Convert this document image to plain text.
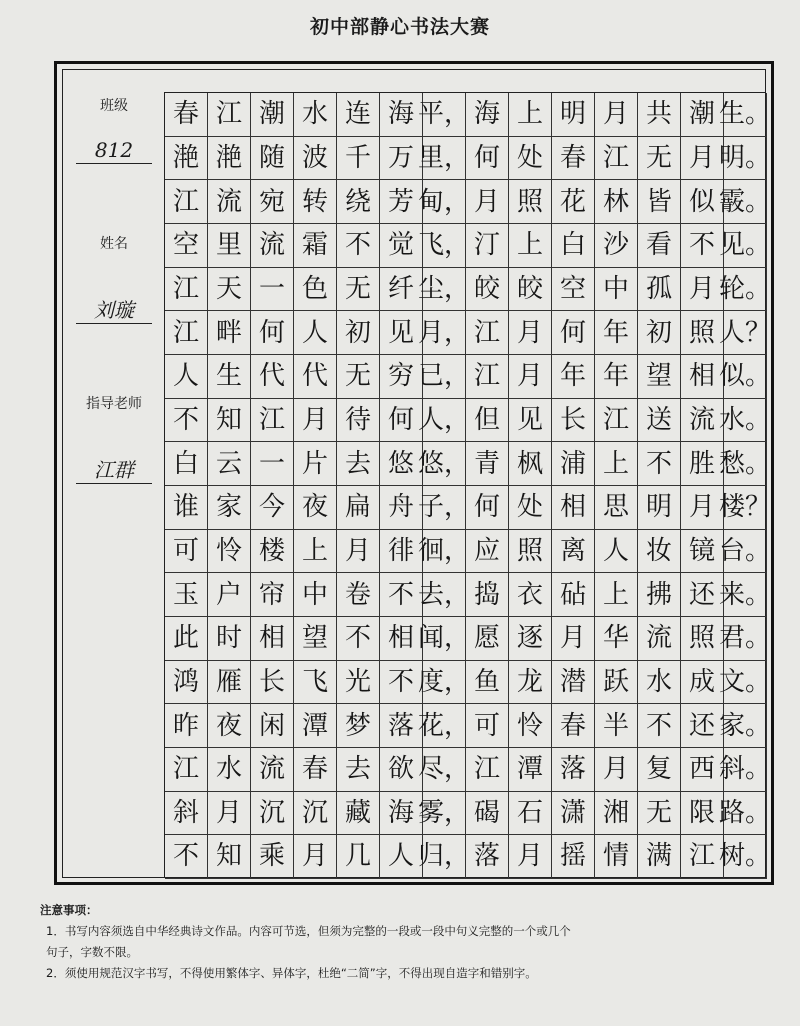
初中部静心书法大赛
班级
812
姓名
刘璇
指导老师
江群
春 江 潮 水 连 海 平， 海 上 明 月 共 潮 生。
滟 滟 随 波 千 万 里， 何 处 春 江 无 月 明。
江 流 宛 转 绕 芳 甸， 月 照 花 林 皆 似 霰。
空 里 流 霜 不 觉 飞， 汀 上 白 沙 看 不 见。
江 天 一 色 无 纤 尘， 皎 皎 空 中 孤 月 轮。
江 畔 何 人 初 见 月， 江 月 何 年 初 照 人？
人 生 代 代 无 穷 已， 江 月 年 年 望 相 似。
不 知 江 月 待 何 人， 但 见 长 江 送 流 水。
白 云 一 片 去 悠 悠， 青 枫 浦 上 不 胜 愁。
谁 家 今 夜 扁 舟 子， 何 处 相 思 明 月 楼？
可 怜 楼 上 月 徘 徊， 应 照 离 人 妆 镜 台。
玉 户 帘 中 卷 不 去， 捣 衣 砧 上 拂 还 来。
此 时 相 望 不 相 闻， 愿 逐 月 华 流 照 君。
鸿 雁 长 飞 光 不 度， 鱼 龙 潜 跃 水 成 文。
昨 夜 闲 潭 梦 落 花， 可 怜 春 半 不 还 家。
江 水 流 春 去 欲 尽， 江 潭 落 月 复 西 斜。
斜 月 沉 沉 藏 海 雾， 碣 石 潇 湘 无 限 路。
不 知 乘 月 几 人 归， 落 月 摇 情 满 江 树。
注意事项：
1．书写内容须选自中华经典诗文作品。内容可节选，但须为完整的一段或一段中句义完整的一个或几个
句子，字数不限。
2．须使用规范汉字书写，不得使用繁体字、异体字，杜绝“二简”字，不得出现自造字和错别字。
